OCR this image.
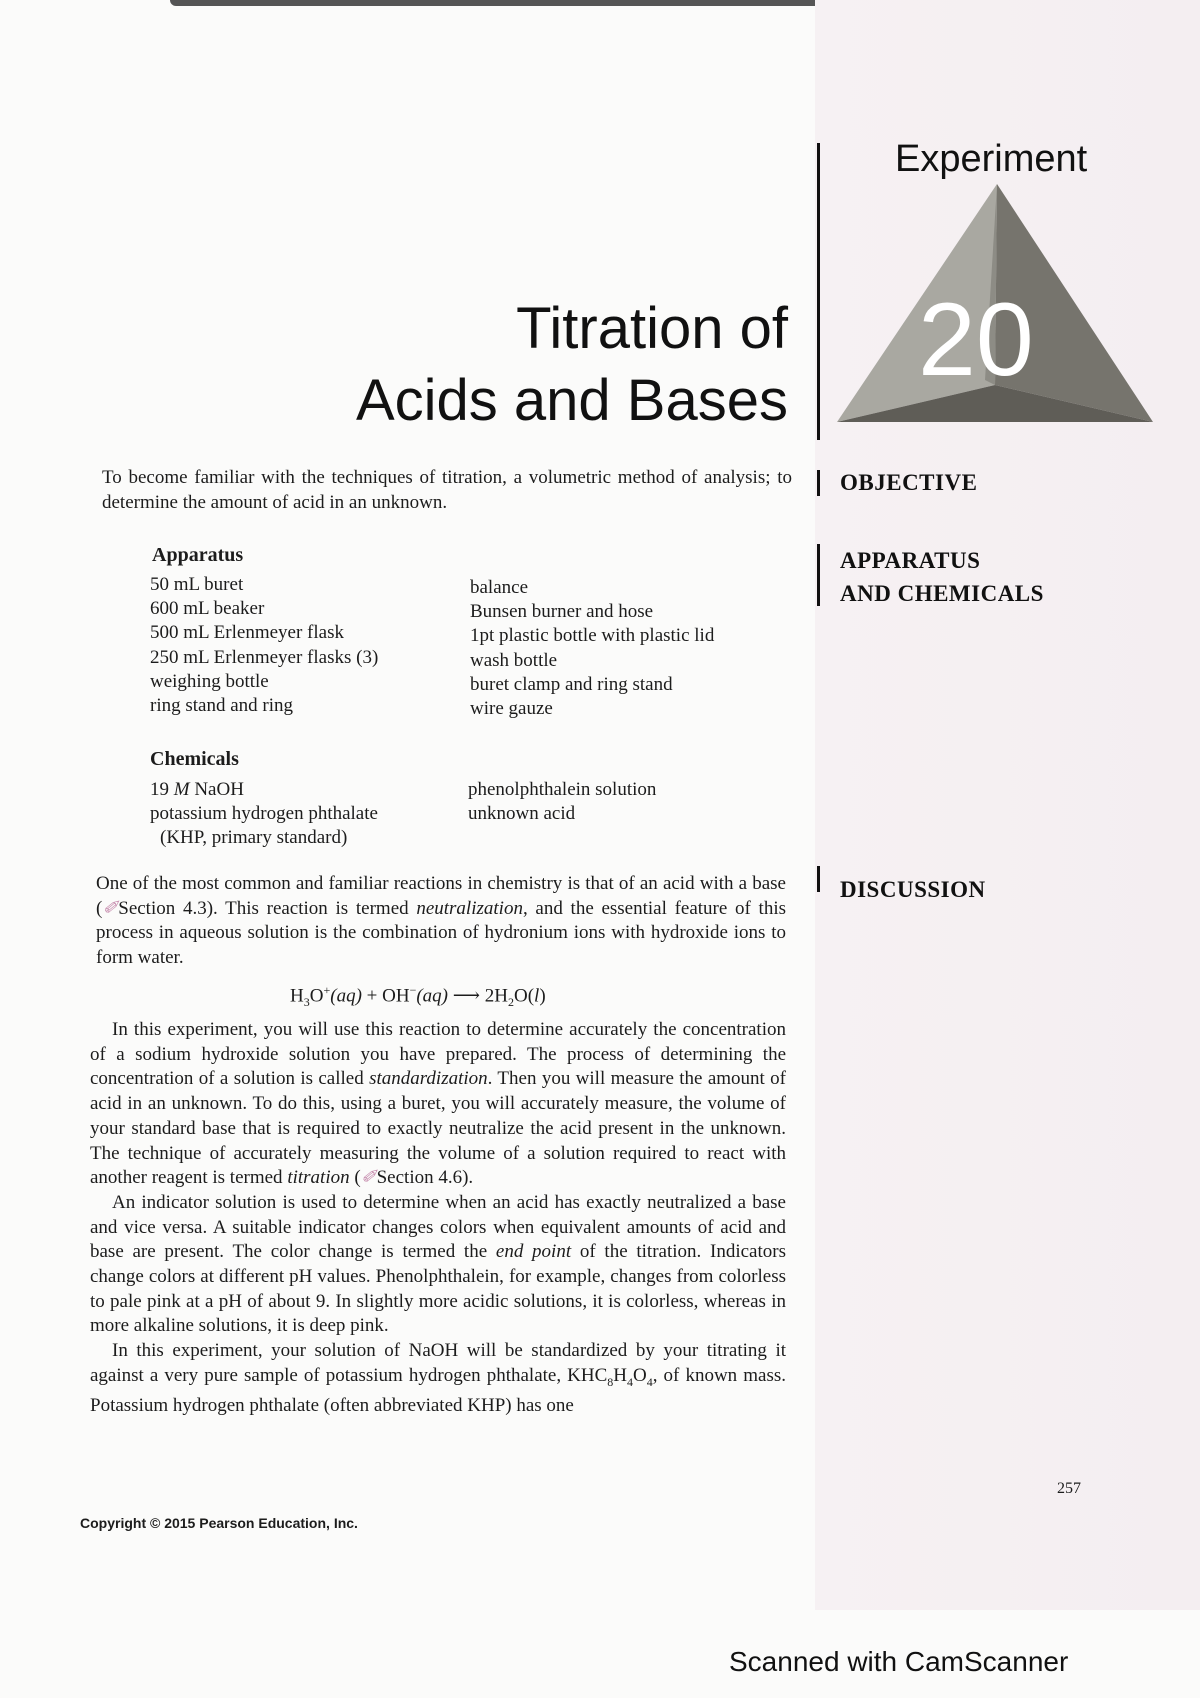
Experiment
20
Titration of
Acids and Bases
OBJECTIVE
APPARATUS
AND CHEMICALS
DISCUSSION
To become familiar with the techniques of titration, a volumetric method of analysis; to determine the amount of acid in an unknown.
Apparatus
50 mL buret
600 mL beaker
500 mL Erlenmeyer flask
250 mL Erlenmeyer flasks (3)
weighing bottle
ring stand and ring
balance
Bunsen burner and hose
1pt plastic bottle with plastic lid
wash bottle
buret clamp and ring stand
wire gauze
Chemicals
19 M NaOH
potassium hydrogen phthalate
(KHP, primary standard)
phenolphthalein solution
unknown acid

One of the most common and familiar reactions in chemistry is that of an acid with a base (✐Section 4.3). This reaction is termed neutralization, and the essential feature of this process in aqueous solution is the combination of hydronium ions with hydroxide ions to form water.

$H_3O^+(aq) + OH^-(aq)$ ⟶ $2H_2O(l)$

In this experiment, you will use this reaction to determine accurately the concentration of a sodium hydroxide solution you have prepared. The process of determining the concentration of a solution is called standardization. Then you will measure the amount of acid in an unknown. To do this, using a buret, you will accurately measure, the volume of your standard base that is required to exactly neutralize the acid present in the unknown. The technique of accurately measuring the volume of a solution required to react with another reagent is termed titration (✐Section 4.6).

An indicator solution is used to determine when an acid has exactly neutralized a base and vice versa. A suitable indicator changes colors when equivalent amounts of acid and base are present. The color change is termed the end point of the titration. Indicators change colors at different pH values. Phenolphthalein, for example, changes from colorless to pale pink at a pH of about 9. In slightly more acidic solutions, it is colorless, whereas in more alkaline solutions, it is deep pink.

In this experiment, your solution of NaOH will be standardized by your titrating it against a very pure sample of potassium hydrogen phthalate, $KHC_8H_4O_4$, of known mass. Potassium hydrogen phthalate (often abbreviated KHP) has one

257
Copyright © 2015 Pearson Education, Inc.
Scanned with CamScanner
